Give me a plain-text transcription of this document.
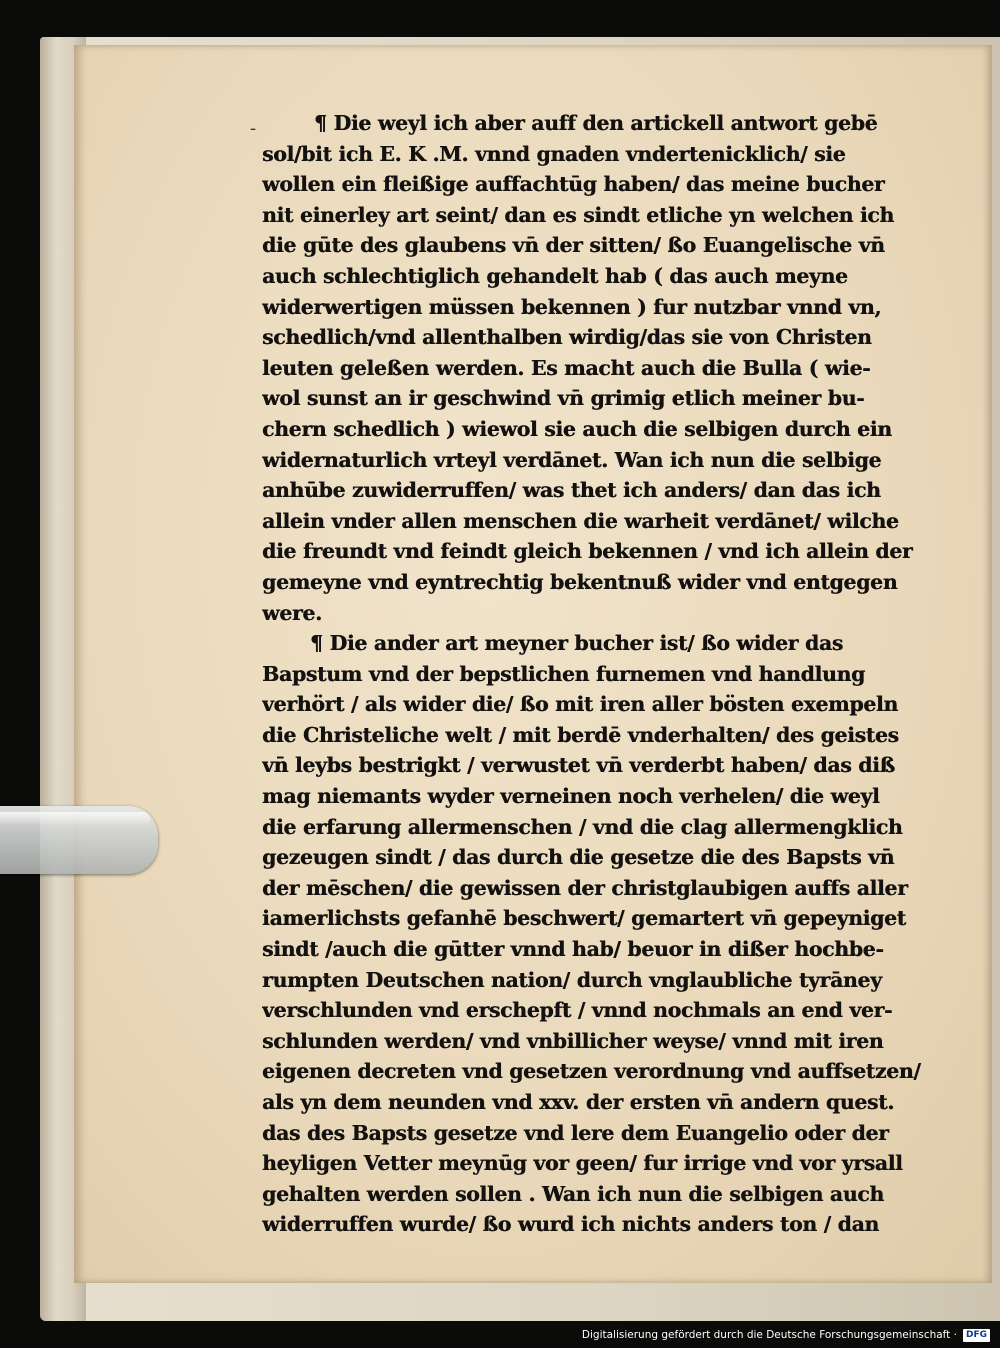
-	¶ Die weyl ich aber auff den artickell antwort gebē
sol/bit ich E. K .M. vnnd gnaden vndertenicklich/ sie
wollen ein fleißige auffachtūg haben/ das meine bucher
nit einerley art seint/ dan es sindt etliche yn welchen ich
die gūte des glaubens vn̄ der sitten/ ßo Euangelische vn̄
auch schlechtiglich gehandelt hab ( das auch meyne
widerwertigen müssen bekennen ) fur nutzbar vnnd vn,
schedlich/vnd allenthalben wirdig/das sie von Christen
leuten geleßen werden. Es macht auch die Bulla ( wie-
wol sunst an ir geschwind vn̄ grimig etlich meiner bu-
chern schedlich ) wiewol sie auch die selbigen durch ein
widernaturlich vrteyl verdānet. Wan ich nun die selbige
anhūbe zuwiderruffen/ was thet ich anders/ dan das ich
allein vnder allen menschen die warheit verdānet/ wilche
die freundt vnd feindt gleich bekennen / vnd ich allein der
gemeyne vnd eyntrechtig bekentnuß wider vnd entgegen
were.
¶ Die ander art meyner bucher ist/ ßo wider das
Bapstum vnd der bepstlichen furnemen vnd handlung
verhört / als wider die/ ßo mit iren aller bösten exempeln
die Christeliche welt / mit berdē vnderhalten/ des geistes
vn̄ leybs bestrigkt / verwustet vn̄ verderbt haben/ das diß
mag niemants wyder verneinen noch verhelen/ die weyl
die erfarung allermenschen / vnd die clag allermengklich
gezeugen sindt / das durch die gesetze die des Bapsts vn̄
der mēschen/ die gewissen der christglaubigen auffs aller
iamerlichsts gefanhē beschwert/ gemartert vn̄ gepeyniget
sindt /auch die gūtter vnnd hab/ beuor in dißer hochbe-
rumpten Deutschen nation/ durch vnglaubliche tyrāney
verschlunden vnd erschepft / vnnd nochmals an end ver-
schlunden werden/ vnd vnbillicher weyse/ vnnd mit iren
eigenen decreten vnd gesetzen verordnung vnd auffsetzen/
als yn dem neunden vnd xxv. der ersten vn̄ andern quest.
das des Bapsts gesetze vnd lere dem Euangelio oder der
heyligen Vetter meynūg vor geen/ fur irrige vnd vor yrsall
gehalten werden sollen . Wan ich nun die selbigen auch
widerruffen wurde/ ßo wurd ich nichts anders ton / dan
Digitalisierung gefördert durch die Deutsche Forschungsgemeinschaft ·	DFG
